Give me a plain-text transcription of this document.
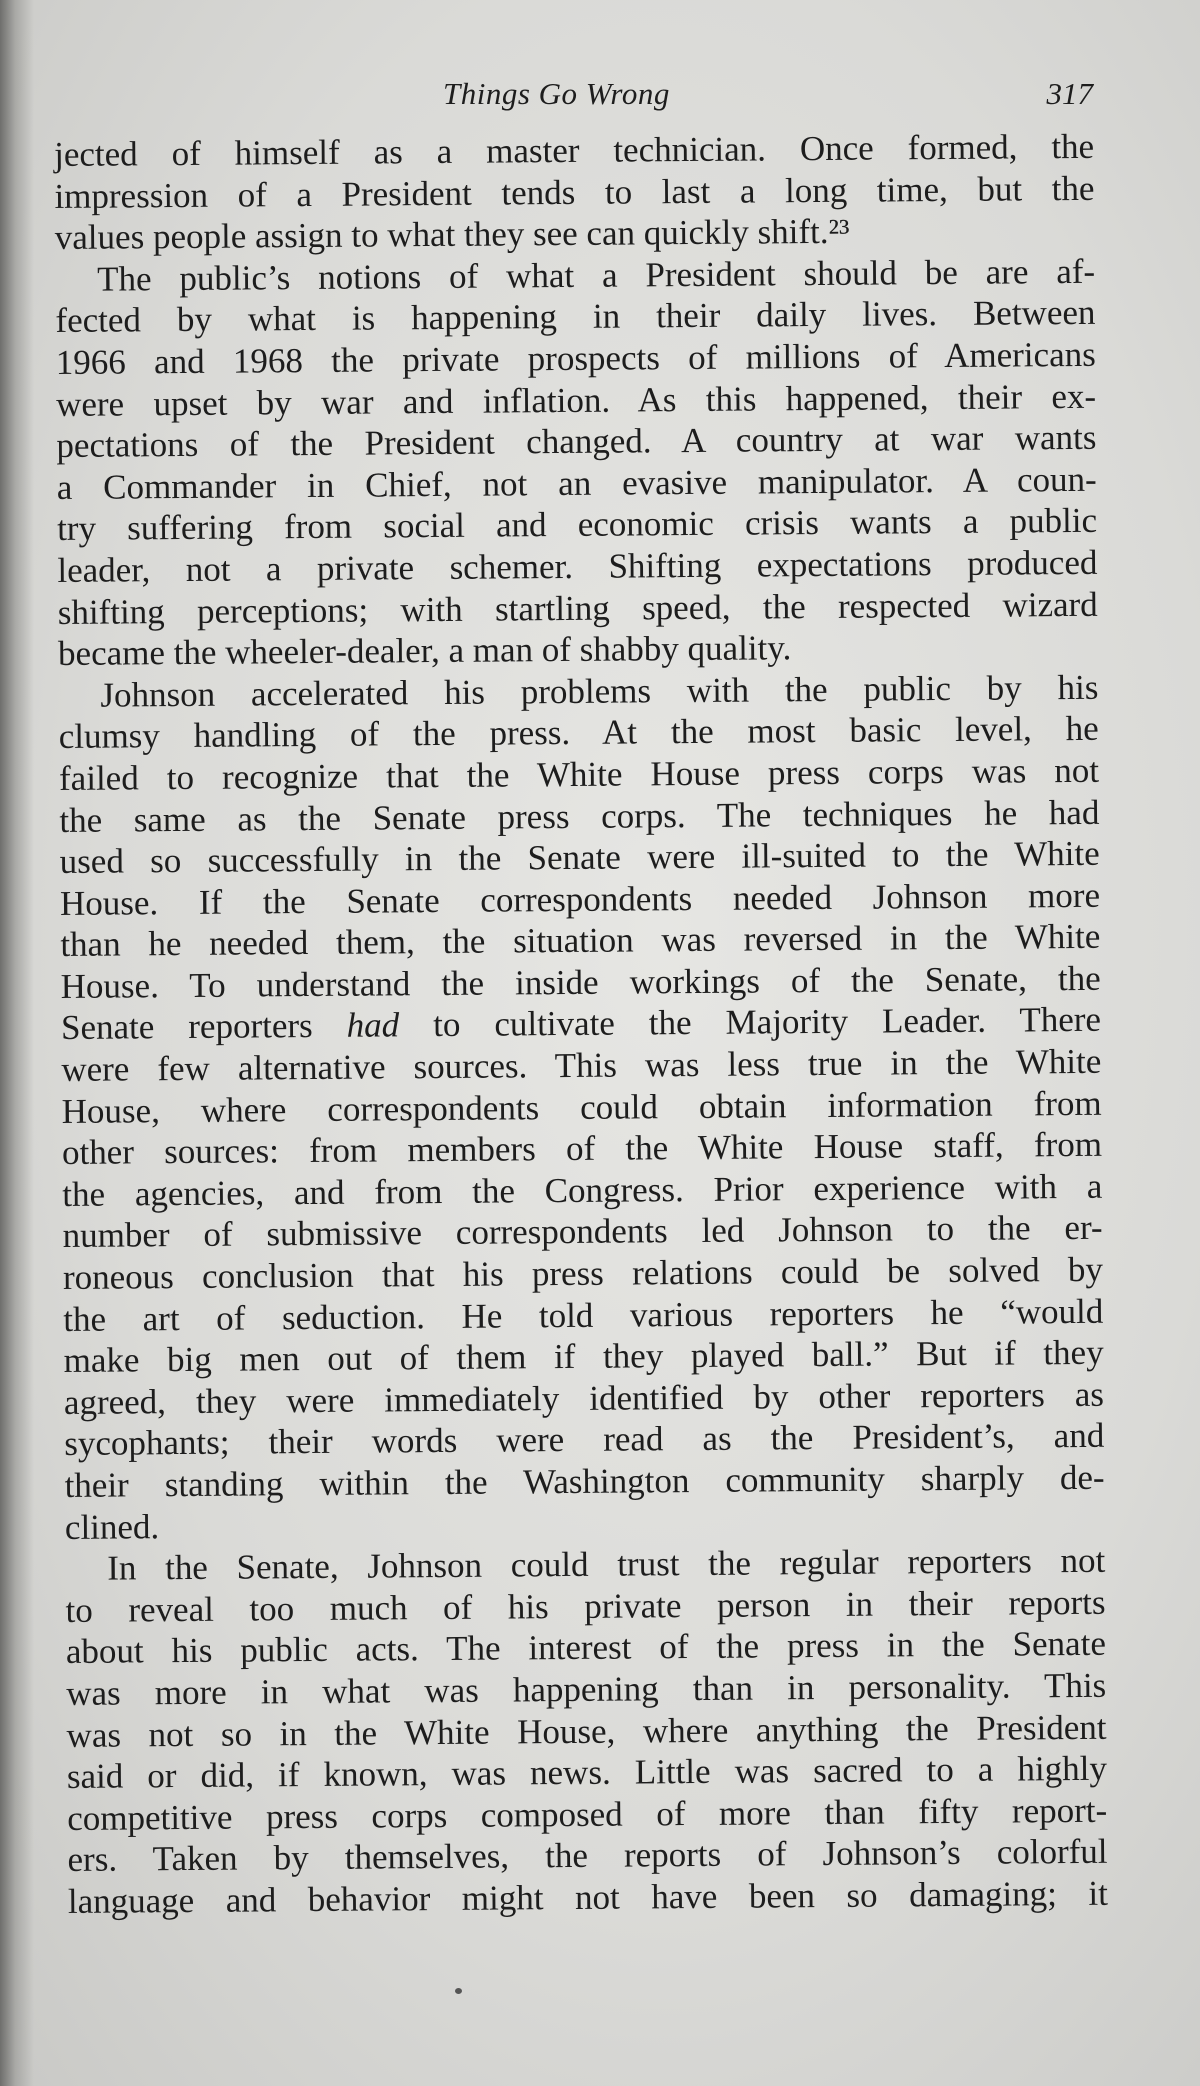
Things Go Wrong	317
jected of himself as a master technician. Once formed, the
impression of a President tends to last a long time, but the
values people assign to what they see can quickly shift.²³
The public’s notions of what a President should be are af-
fected by what is happening in their daily lives. Between
1966 and 1968 the private prospects of millions of Americans
were upset by war and inflation. As this happened, their ex-
pectations of the President changed. A country at war wants
a Commander in Chief, not an evasive manipulator. A coun-
try suffering from social and economic crisis wants a public
leader, not a private schemer. Shifting expectations produced
shifting perceptions; with startling speed, the respected wizard
became the wheeler-dealer, a man of shabby quality.
Johnson accelerated his problems with the public by his
clumsy handling of the press. At the most basic level, he
failed to recognize that the White House press corps was not
the same as the Senate press corps. The techniques he had
used so successfully in the Senate were ill-suited to the White
House. If the Senate correspondents needed Johnson more
than he needed them, the situation was reversed in the White
House. To understand the inside workings of the Senate, the
Senate reporters had to cultivate the Majority Leader. There
were few alternative sources. This was less true in the White
House, where correspondents could obtain information from
other sources: from members of the White House staff, from
the agencies, and from the Congress. Prior experience with a
number of submissive correspondents led Johnson to the er-
roneous conclusion that his press relations could be solved by
the art of seduction. He told various reporters he “would
make big men out of them if they played ball.” But if they
agreed, they were immediately identified by other reporters as
sycophants; their words were read as the President’s, and
their standing within the Washington community sharply de-
clined.
In the Senate, Johnson could trust the regular reporters not
to reveal too much of his private person in their reports
about his public acts. The interest of the press in the Senate
was more in what was happening than in personality. This
was not so in the White House, where anything the President
said or did, if known, was news. Little was sacred to a highly
competitive press corps composed of more than fifty report-
ers. Taken by themselves, the reports of Johnson’s colorful
language and behavior might not have been so damaging; it
